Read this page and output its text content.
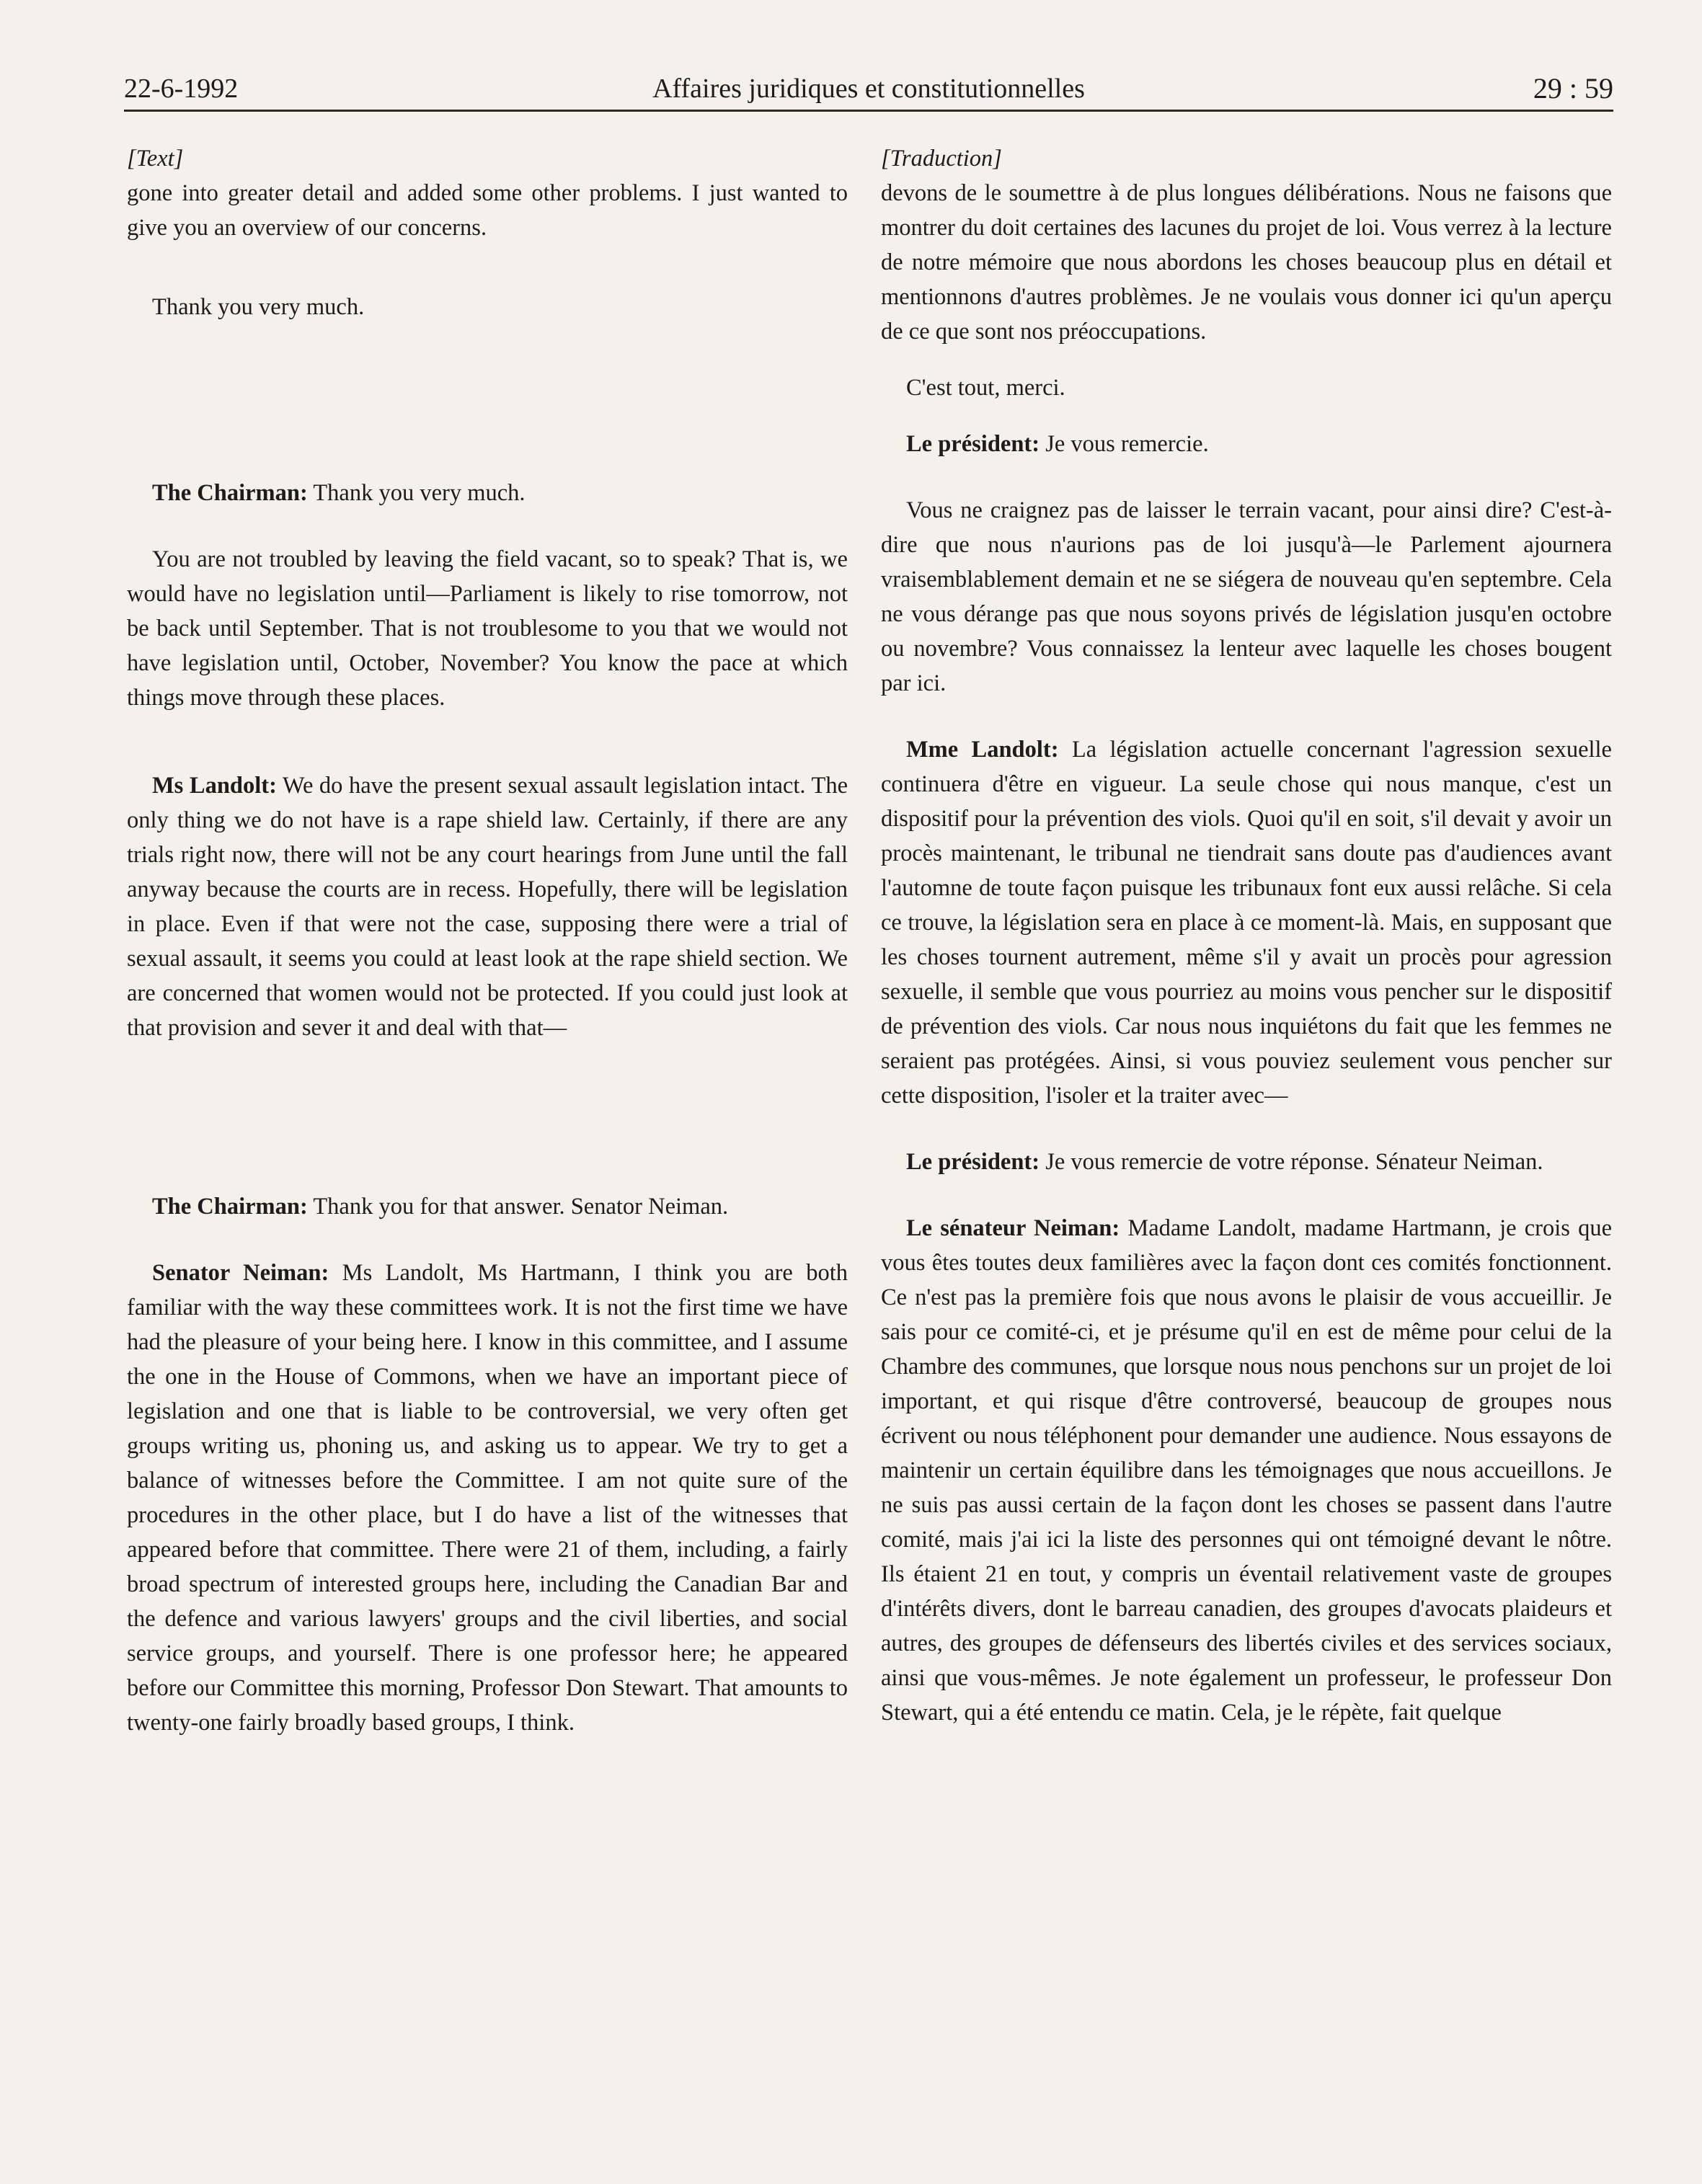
22-6-1992	Affaires juridiques et constitutionnelles	29 : 59

[Text]

gone into greater detail and added some other problems. I just wanted to give you an overview of our concerns.

Thank you very much.

The Chairman: Thank you very much.

You are not troubled by leaving the field vacant, so to speak? That is, we would have no legislation until—Parliament is likely to rise tomorrow, not be back until September. That is not troublesome to you that we would not have legislation until, October, November? You know the pace at which things move through these places.

Ms Landolt: We do have the present sexual assault legislation intact. The only thing we do not have is a rape shield law. Certainly, if there are any trials right now, there will not be any court hearings from June until the fall anyway because the courts are in recess. Hopefully, there will be legislation in place. Even if that were not the case, supposing there were a trial of sexual assault, it seems you could at least look at the rape shield section. We are concerned that women would not be protected. If you could just look at that provision and sever it and deal with that—

The Chairman: Thank you for that answer. Senator Neiman.

Senator Neiman: Ms Landolt, Ms Hartmann, I think you are both familiar with the way these committees work. It is not the first time we have had the pleasure of your being here. I know in this committee, and I assume the one in the House of Commons, when we have an important piece of legislation and one that is liable to be controversial, we very often get groups writing us, phoning us, and asking us to appear. We try to get a balance of witnesses before the Committee. I am not quite sure of the procedures in the other place, but I do have a list of the witnesses that appeared before that committee. There were 21 of them, including, a fairly broad spectrum of interested groups here, including the Canadian Bar and the defence and various lawyers' groups and the civil liberties, and social service groups, and yourself. There is one professor here; he appeared before our Committee this morning, Professor Don Stewart. That amounts to twenty-one fairly broadly based groups, I think.

[Traduction]

devons de le soumettre à de plus longues délibérations. Nous ne faisons que montrer du doit certaines des lacunes du projet de loi. Vous verrez à la lecture de notre mémoire que nous abordons les choses beaucoup plus en détail et mentionnons d'autres problèmes. Je ne voulais vous donner ici qu'un aperçu de ce que sont nos préoccupations.

C'est tout, merci.

Le président: Je vous remercie.

Vous ne craignez pas de laisser le terrain vacant, pour ainsi dire? C'est-à-dire que nous n'aurions pas de loi jusqu'à—le Parlement ajournera vraisemblablement demain et ne se siégera de nouveau qu'en septembre. Cela ne vous dérange pas que nous soyons privés de législation jusqu'en octobre ou novembre? Vous connaissez la lenteur avec laquelle les choses bougent par ici.

Mme Landolt: La législation actuelle concernant l'agression sexuelle continuera d'être en vigueur. La seule chose qui nous manque, c'est un dispositif pour la prévention des viols. Quoi qu'il en soit, s'il devait y avoir un procès maintenant, le tribunal ne tiendrait sans doute pas d'audiences avant l'automne de toute façon puisque les tribunaux font eux aussi relâche. Si cela ce trouve, la législation sera en place à ce moment-là. Mais, en supposant que les choses tournent autrement, même s'il y avait un procès pour agression sexuelle, il semble que vous pourriez au moins vous pencher sur le dispositif de prévention des viols. Car nous nous inquiétons du fait que les femmes ne seraient pas protégées. Ainsi, si vous pouviez seulement vous pencher sur cette disposition, l'isoler et la traiter avec—

Le président: Je vous remercie de votre réponse. Sénateur Neiman.

Le sénateur Neiman: Madame Landolt, madame Hartmann, je crois que vous êtes toutes deux familières avec la façon dont ces comités fonctionnent. Ce n'est pas la première fois que nous avons le plaisir de vous accueillir. Je sais pour ce comité-ci, et je présume qu'il en est de même pour celui de la Chambre des communes, que lorsque nous nous penchons sur un projet de loi important, et qui risque d'être controversé, beaucoup de groupes nous écrivent ou nous téléphonent pour demander une audience. Nous essayons de maintenir un certain équilibre dans les témoignages que nous accueillons. Je ne suis pas aussi certain de la façon dont les choses se passent dans l'autre comité, mais j'ai ici la liste des personnes qui ont témoigné devant le nôtre. Ils étaient 21 en tout, y compris un éventail relativement vaste de groupes d'intérêts divers, dont le barreau canadien, des groupes d'avocats plaideurs et autres, des groupes de défenseurs des libertés civiles et des services sociaux, ainsi que vous-mêmes. Je note également un professeur, le professeur Don Stewart, qui a été entendu ce matin. Cela, je le répète, fait quelque
